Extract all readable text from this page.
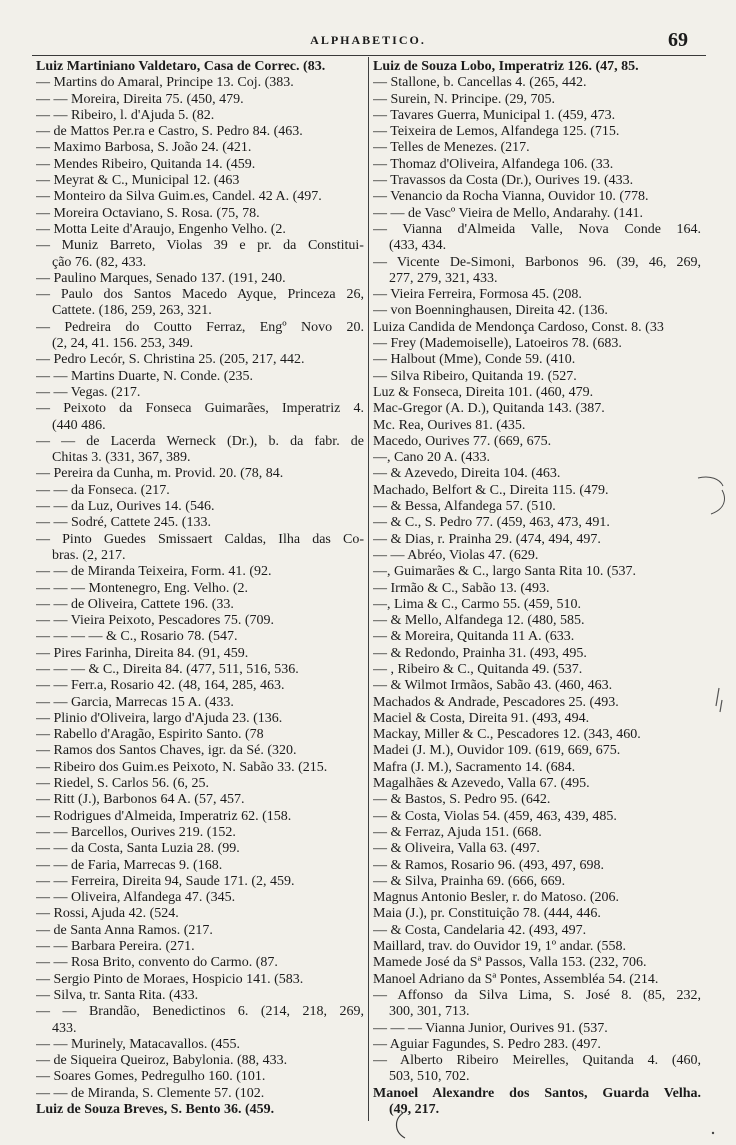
ALPHABETICO.	69
Luiz Martiniano Valdetaro, Casa de Correc. (83.
— Martins do Amaral, Principe 13. Coj. (383.
— — Moreira, Direita 75. (450, 479.
— — Ribeiro, l. d'Ajuda 5. (82.
— de Mattos Per.ra e Castro, S. Pedro 84. (463.
— Maximo Barbosa, S. João 24. (421.
— Mendes Ribeiro, Quitanda 14. (459.
— Meyrat & C., Municipal 12. (463
— Monteiro da Silva Guim.es, Candel. 42 A. (497.
— Moreira Octaviano, S. Rosa. (75, 78.
— Motta Leite d'Araujo, Engenho Velho. (2.
— Muniz Barreto, Violas 39 e pr. da Constitui-
ção 76. (82, 433.
— Paulino Marques, Senado 137. (191, 240.
— Paulo dos Santos Macedo Ayque, Princeza 26,
Cattete. (186, 259, 263, 321.
— Pedreira do Coutto Ferraz, Engº Novo 20.
(2, 24, 41. 156. 253, 349.
— Pedro Lecór, S. Christina 25. (205, 217, 442.
— — Martins Duarte, N. Conde. (235.
— — Vegas. (217.
— Peixoto da Fonseca Guimarães, Imperatriz 4.
(440 486.
— — de Lacerda Werneck (Dr.), b. da fabr. de
Chitas 3. (331, 367, 389.
— Pereira da Cunha, m. Provid. 20. (78, 84.
— — da Fonseca. (217.
— — da Luz, Ourives 14. (546.
— — Sodré, Cattete 245. (133.
— Pinto Guedes Smissaert Caldas, Ilha das Co-
bras. (2, 217.
— — de Miranda Teixeira, Form. 41. (92.
— — — Montenegro, Eng. Velho. (2.
— — de Oliveira, Cattete 196. (33.
— — Vieira Peixoto, Pescadores 75. (709.
— — — — & C., Rosario 78. (547.
— Pires Farinha, Direita 84. (91, 459.
— — — & C., Direita 84. (477, 511, 516, 536.
— — Ferr.a, Rosario 42. (48, 164, 285, 463.
— — Garcia, Marrecas 15 A. (433.
— Plinio d'Oliveira, largo d'Ajuda 23. (136.
— Rabello d'Aragão, Espirito Santo. (78
— Ramos dos Santos Chaves, igr. da Sé. (320.
— Ribeiro dos Guim.es Peixoto, N. Sabão 33. (215.
— Riedel, S. Carlos 56. (6, 25.
— Ritt (J.), Barbonos 64 A. (57, 457.
— Rodrigues d'Almeida, Imperatriz 62. (158.
— — Barcellos, Ourives 219. (152.
— — da Costa, Santa Luzia 28. (99.
— — de Faria, Marrecas 9. (168.
— — Ferreira, Direita 94, Saude 171. (2, 459.
— — Oliveira, Alfandega 47. (345.
— Rossi, Ajuda 42. (524.
— de Santa Anna Ramos. (217.
— — Barbara Pereira. (271.
— — Rosa Brito, convento do Carmo. (87.
— Sergio Pinto de Moraes, Hospicio 141. (583.
— Silva, tr. Santa Rita. (433.
— — Brandão, Benedictinos 6. (214, 218, 269,
433.
— — Murinely, Matacavallos. (455.
— de Siqueira Queiroz, Babylonia. (88, 433.
— Soares Gomes, Pedregulho 160. (101.
— — de Miranda, S. Clemente 57. (102.
Luiz de Souza Breves, S. Bento 36. (459.
Luiz de Souza Lobo, Imperatriz 126. (47, 85.
— Stallone, b. Cancellas 4. (265, 442.
— Surein, N. Principe. (29, 705.
— Tavares Guerra, Municipal 1. (459, 473.
— Teixeira de Lemos, Alfandega 125. (715.
— Telles de Menezes. (217.
— Thomaz d'Oliveira, Alfandega 106. (33.
— Travassos da Costa (Dr.), Ourives 19. (433.
— Venancio da Rocha Vianna, Ouvidor 10. (778.
— — de Vascº Vieira de Mello, Andarahy. (141.
— Vianna d'Almeida Valle, Nova Conde 164.
(433, 434.
— Vicente De-Simoni, Barbonos 96. (39, 46, 269,
277, 279, 321, 433.
— Vieira Ferreira, Formosa 45. (208.
— von Boenninghausen, Direita 42. (136.
Luiza Candida de Mendonça Cardoso, Const. 8. (33
— Frey (Mademoiselle), Latoeiros 78. (683.
— Halbout (Mme), Conde 59. (410.
— Silva Ribeiro, Quitanda 19. (527.
Luz & Fonseca, Direita 101. (460, 479.
Mac-Gregor (A. D.), Quitanda 143. (387.
Mc. Rea, Ourives 81. (435.
Macedo, Ourives 77. (669, 675.
—, Cano 20 A. (433.
— & Azevedo, Direita 104. (463.
Machado, Belfort & C., Direita 115. (479.
— & Bessa, Alfandega 57. (510.
— & C., S. Pedro 77. (459, 463, 473, 491.
— & Dias, r. Prainha 29. (474, 494, 497.
— — Abréo, Violas 47. (629.
—, Guimarães & C., largo Santa Rita 10. (537.
— Irmão & C., Sabão 13. (493.
—, Lima & C., Carmo 55. (459, 510.
— & Mello, Alfandega 12. (480, 585.
— & Moreira, Quitanda 11 A. (633.
— & Redondo, Prainha 31. (493, 495.
— , Ribeiro & C., Quitanda 49. (537.
— & Wilmot Irmãos, Sabão 43. (460, 463.
Machados & Andrade, Pescadores 25. (493.
Maciel & Costa, Direita 91. (493, 494.
Mackay, Miller & C., Pescadores 12. (343, 460.
Madei (J. M.), Ouvidor 109. (619, 669, 675.
Mafra (J. M.), Sacramento 14. (684.
Magalhães & Azevedo, Valla 67. (495.
— & Bastos, S. Pedro 95. (642.
— & Costa, Violas 54. (459, 463, 439, 485.
— & Ferraz, Ajuda 151. (668.
— & Oliveira, Valla 63. (497.
— & Ramos, Rosario 96. (493, 497, 698.
— & Silva, Prainha 69. (666, 669.
Magnus Antonio Besler, r. do Matoso. (206.
Maia (J.), pr. Constituição 78. (444, 446.
— & Costa, Candelaria 42. (493, 497.
Maillard, trav. do Ouvidor 19, 1º andar. (558.
Mamede José da Sª Passos, Valla 153. (232, 706.
Manoel Adriano da Sª Pontes, Assembléa 54. (214.
— Affonso da Silva Lima, S. José 8. (85, 232,
300, 301, 713.
— — — Vianna Junior, Ourives 91. (537.
— Aguiar Fagundes, S. Pedro 283. (497.
— Alberto Ribeiro Meirelles, Quitanda 4. (460,
503, 510, 702.
Manoel Alexandre dos Santos, Guarda Velha.
(49, 217.
